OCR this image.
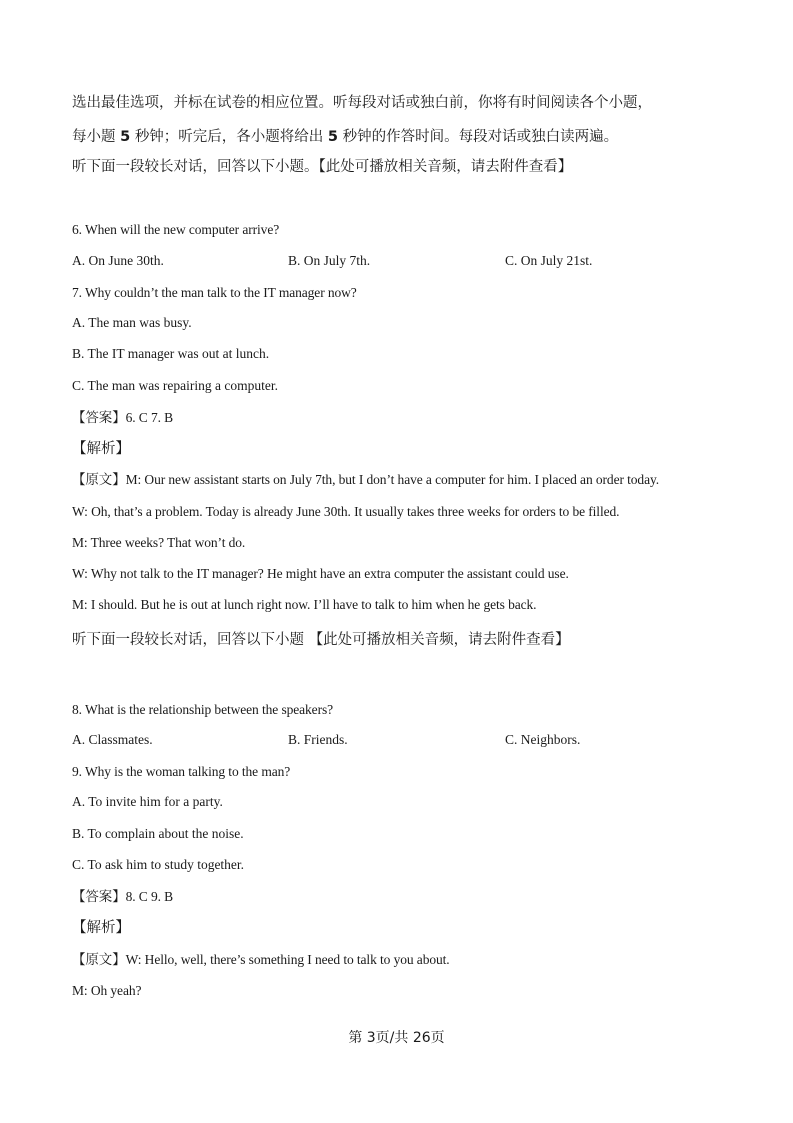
选出最佳选项，并标在试卷的相应位置。听每段对话或独白前，你将有时间阅读各个小题，
每小题 5 秒钟；听完后，各小题将给出 5 秒钟的作答时间。每段对话或独白读两遍。
听下面一段较长对话，回答以下小题。【此处可播放相关音频，请去附件查看】
6. When will the new computer arrive?
A. On June 30th.	B. On July 7th.	C. On July 21st.
7. Why couldn’t the man talk to the IT manager now?
A. The man was busy.
B. The IT manager was out at lunch.
C. The man was repairing a computer.
【答案】6. C 7. B
【解析】
【原文】M: Our new assistant starts on July 7th, but I don’t have a computer for him. I placed an order today.
W: Oh, that’s a problem. Today is already June 30th. It usually takes three weeks for orders to be filled.
M: Three weeks? That won’t do.
W: Why not talk to the IT manager? He might have an extra computer the assistant could use.
M: I should. But he is out at lunch right now. I’ll have to talk to him when he gets back.
听下面一段较长对话，回答以下小题 【此处可播放相关音频，请去附件查看】
8. What is the relationship between the speakers?
A. Classmates.	B. Friends.	C. Neighbors.
9. Why is the woman talking to the man?
A. To invite him for a party.
B. To complain about the noise.
C. To ask him to study together.
【答案】8. C 9. B
【解析】
【原文】W: Hello, well, there’s something I need to talk to you about.
M: Oh yeah?
第 3页/共 26页
